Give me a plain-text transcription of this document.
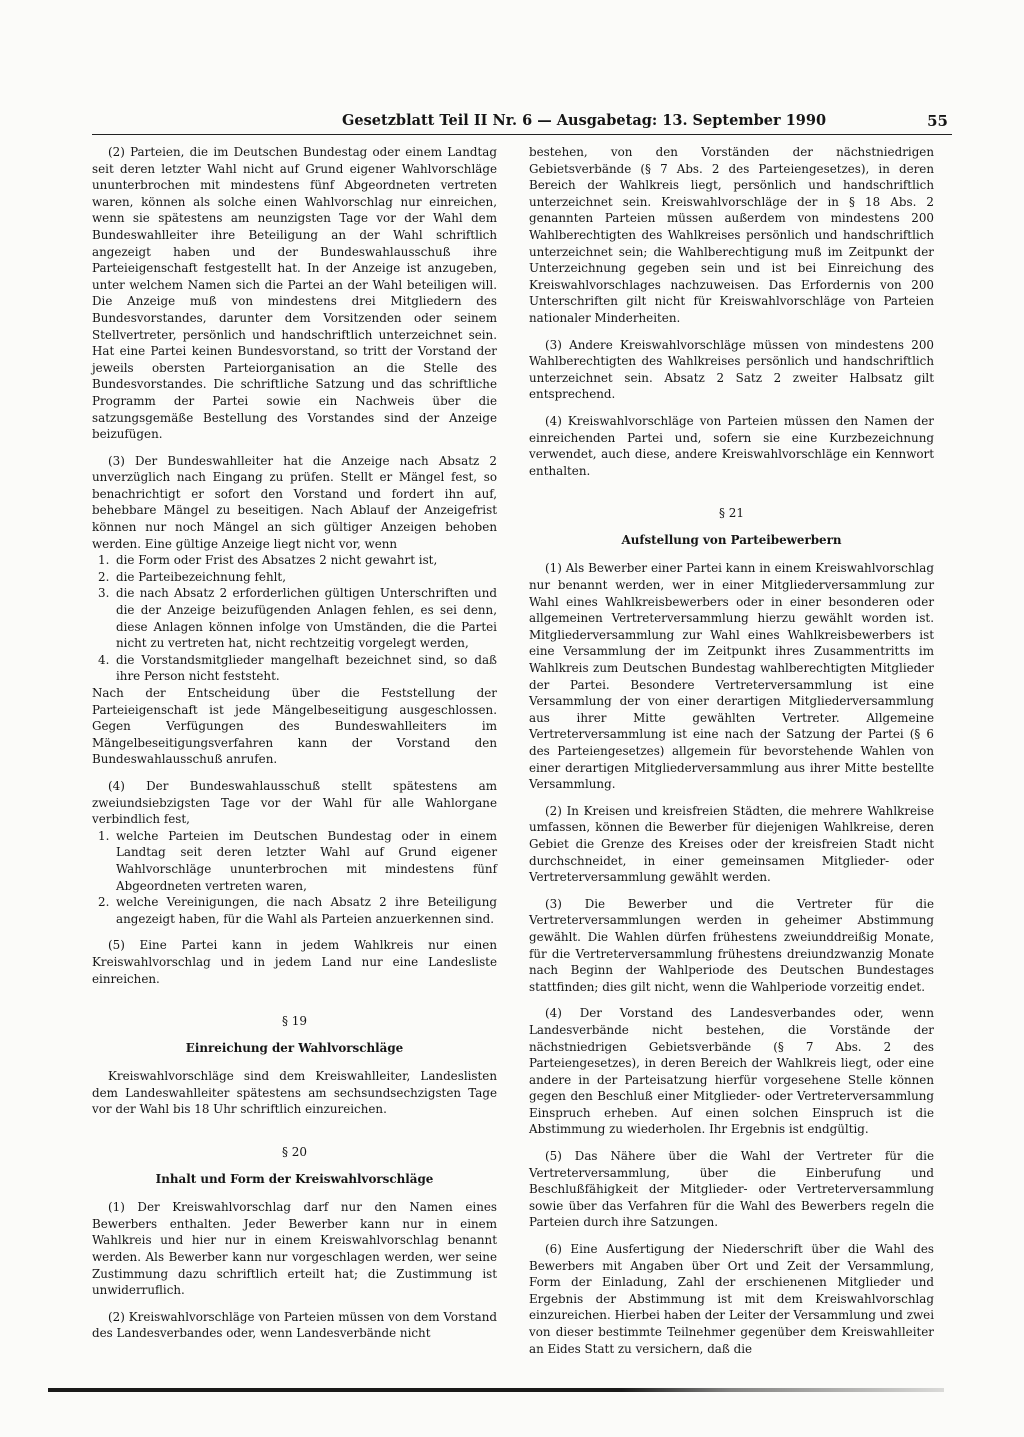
Gesetzblatt Teil II Nr. 6 — Ausgabetag: 13. September 1990	55

(2) Parteien, die im Deutschen Bundestag oder einem Landtag seit deren letzter Wahl nicht auf Grund eigener Wahlvorschläge ununterbrochen mit mindestens fünf Abgeordneten vertreten waren, können als solche einen Wahlvorschlag nur einreichen, wenn sie spätestens am neunzigsten Tage vor der Wahl dem Bundeswahlleiter ihre Beteiligung an der Wahl schriftlich angezeigt haben und der Bundeswahlausschuß ihre Parteieigenschaft festgestellt hat. In der Anzeige ist anzugeben, unter welchem Namen sich die Partei an der Wahl beteiligen will. Die Anzeige muß von mindestens drei Mitgliedern des Bundesvorstandes, darunter dem Vorsitzenden oder seinem Stellvertreter, persönlich und handschriftlich unterzeichnet sein. Hat eine Partei keinen Bundesvorstand, so tritt der Vorstand der jeweils obersten Parteiorganisation an die Stelle des Bundesvorstandes. Die schriftliche Satzung und das schriftliche Programm der Partei sowie ein Nachweis über die satzungsgemäße Bestellung des Vorstandes sind der Anzeige beizufügen.

(3) Der Bundeswahlleiter hat die Anzeige nach Absatz 2 unverzüglich nach Eingang zu prüfen. Stellt er Mängel fest, so benachrichtigt er sofort den Vorstand und fordert ihn auf, behebbare Mängel zu beseitigen. Nach Ablauf der Anzeigefrist können nur noch Mängel an sich gültiger Anzeigen behoben werden. Eine gültige Anzeige liegt nicht vor, wenn

1. die Form oder Frist des Absatzes 2 nicht gewahrt ist,
2. die Parteibezeichnung fehlt,
3. die nach Absatz 2 erforderlichen gültigen Unterschriften und die der Anzeige beizufügenden Anlagen fehlen, es sei denn, diese Anlagen können infolge von Umständen, die die Partei nicht zu vertreten hat, nicht rechtzeitig vorgelegt werden,
4. die Vorstandsmitglieder mangelhaft bezeichnet sind, so daß ihre Person nicht feststeht.

Nach der Entscheidung über die Feststellung der Parteieigenschaft ist jede Mängelbeseitigung ausgeschlossen. Gegen Verfügungen des Bundeswahlleiters im Mängelbeseitigungsverfahren kann der Vorstand den Bundeswahlausschuß anrufen.

(4) Der Bundeswahlausschuß stellt spätestens am zweiundsiebzigsten Tage vor der Wahl für alle Wahlorgane verbindlich fest,

1. welche Parteien im Deutschen Bundestag oder in einem Landtag seit deren letzter Wahl auf Grund eigener Wahlvorschläge ununterbrochen mit mindestens fünf Abgeordneten vertreten waren,
2. welche Vereinigungen, die nach Absatz 2 ihre Beteiligung angezeigt haben, für die Wahl als Parteien anzuerkennen sind.

(5) Eine Partei kann in jedem Wahlkreis nur einen Kreiswahlvorschlag und in jedem Land nur eine Landesliste einreichen.

§ 19
Einreichung der Wahlvorschläge

Kreiswahlvorschläge sind dem Kreiswahlleiter, Landeslisten dem Landeswahlleiter spätestens am sechsundsechzigsten Tage vor der Wahl bis 18 Uhr schriftlich einzureichen.

§ 20
Inhalt und Form der Kreiswahlvorschläge

(1) Der Kreiswahlvorschlag darf nur den Namen eines Bewerbers enthalten. Jeder Bewerber kann nur in einem Wahlkreis und hier nur in einem Kreiswahlvorschlag benannt werden. Als Bewerber kann nur vorgeschlagen werden, wer seine Zustimmung dazu schriftlich erteilt hat; die Zustimmung ist unwiderruflich.

(2) Kreiswahlvorschläge von Parteien müssen von dem Vorstand des Landesverbandes oder, wenn Landesverbände nicht

bestehen, von den Vorständen der nächstniedrigen Gebietsverbände (§ 7 Abs. 2 des Parteiengesetzes), in deren Bereich der Wahlkreis liegt, persönlich und handschriftlich unterzeichnet sein. Kreiswahlvorschläge der in § 18 Abs. 2 genannten Parteien müssen außerdem von mindestens 200 Wahlberechtigten des Wahlkreises persönlich und handschriftlich unterzeichnet sein; die Wahlberechtigung muß im Zeitpunkt der Unterzeichnung gegeben sein und ist bei Einreichung des Kreiswahlvorschlages nachzuweisen. Das Erfordernis von 200 Unterschriften gilt nicht für Kreiswahlvorschläge von Parteien nationaler Minderheiten.

(3) Andere Kreiswahlvorschläge müssen von mindestens 200 Wahlberechtigten des Wahlkreises persönlich und handschriftlich unterzeichnet sein. Absatz 2 Satz 2 zweiter Halbsatz gilt entsprechend.

(4) Kreiswahlvorschläge von Parteien müssen den Namen der einreichenden Partei und, sofern sie eine Kurzbezeichnung verwendet, auch diese, andere Kreiswahlvorschläge ein Kennwort enthalten.

§ 21
Aufstellung von Parteibewerbern

(1) Als Bewerber einer Partei kann in einem Kreiswahlvorschlag nur benannt werden, wer in einer Mitgliederversammlung zur Wahl eines Wahlkreisbewerbers oder in einer besonderen oder allgemeinen Vertreterversammlung hierzu gewählt worden ist. Mitgliederversammlung zur Wahl eines Wahlkreisbewerbers ist eine Versammlung der im Zeitpunkt ihres Zusammentritts im Wahlkreis zum Deutschen Bundestag wahlberechtigten Mitglieder der Partei. Besondere Vertreterversammlung ist eine Versammlung der von einer derartigen Mitgliederversammlung aus ihrer Mitte gewählten Vertreter. Allgemeine Vertreterversammlung ist eine nach der Satzung der Partei (§ 6 des Parteiengesetzes) allgemein für bevorstehende Wahlen von einer derartigen Mitgliederversammlung aus ihrer Mitte bestellte Versammlung.

(2) In Kreisen und kreisfreien Städten, die mehrere Wahlkreise umfassen, können die Bewerber für diejenigen Wahlkreise, deren Gebiet die Grenze des Kreises oder der kreisfreien Stadt nicht durchschneidet, in einer gemeinsamen Mitglieder- oder Vertreterversammlung gewählt werden.

(3) Die Bewerber und die Vertreter für die Vertreterversammlungen werden in geheimer Abstimmung gewählt. Die Wahlen dürfen frühestens zweiunddreißig Monate, für die Vertreterversammlung frühestens dreiundzwanzig Monate nach Beginn der Wahlperiode des Deutschen Bundestages stattfinden; dies gilt nicht, wenn die Wahlperiode vorzeitig endet.

(4) Der Vorstand des Landesverbandes oder, wenn Landesverbände nicht bestehen, die Vorstände der nächstniedrigen Gebietsverbände (§ 7 Abs. 2 des Parteiengesetzes), in deren Bereich der Wahlkreis liegt, oder eine andere in der Parteisatzung hierfür vorgesehene Stelle können gegen den Beschluß einer Mitglieder- oder Vertreterversammlung Einspruch erheben. Auf einen solchen Einspruch ist die Abstimmung zu wiederholen. Ihr Ergebnis ist endgültig.

(5) Das Nähere über die Wahl der Vertreter für die Vertreterversammlung, über die Einberufung und Beschlußfähigkeit der Mitglieder- oder Vertreterversammlung sowie über das Verfahren für die Wahl des Bewerbers regeln die Parteien durch ihre Satzungen.

(6) Eine Ausfertigung der Niederschrift über die Wahl des Bewerbers mit Angaben über Ort und Zeit der Versammlung, Form der Einladung, Zahl der erschienenen Mitglieder und Ergebnis der Abstimmung ist mit dem Kreiswahlvorschlag einzureichen. Hierbei haben der Leiter der Versammlung und zwei von dieser bestimmte Teilnehmer gegenüber dem Kreiswahlleiter an Eides Statt zu versichern, daß die
